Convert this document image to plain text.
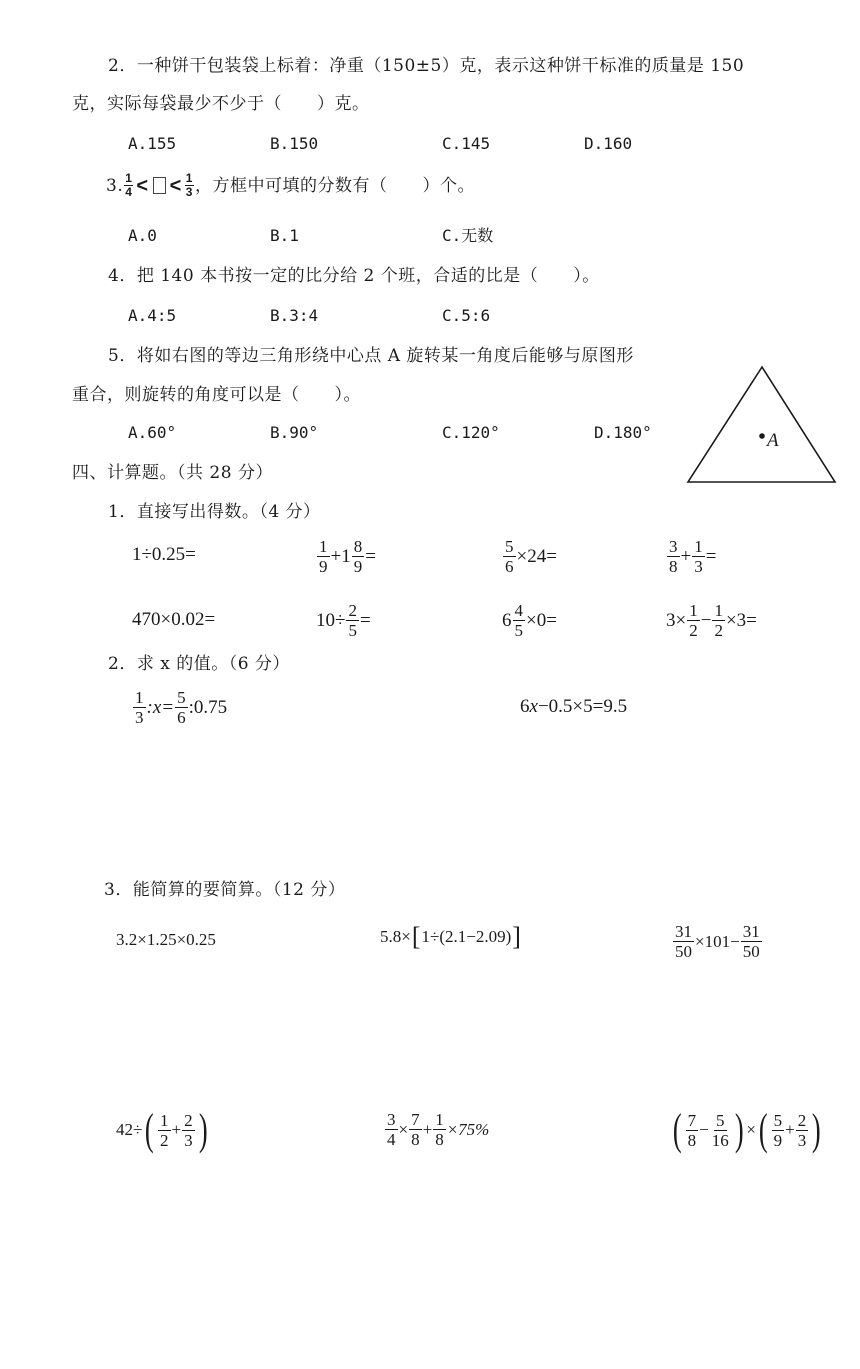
2．一种饼干包装袋上标着：净重（150±5）克，表示这种饼干标准的质量是 150
克，实际每袋最少不少于（　　）克。
A.155	B.150	C.145	D.160
3. 1
4 < < 1
3 ，方框中可填的分数有（　　）个。
A.0	B.1	C.无数
4．把 140 本书按一定的比分给 2 个班，合适的比是（　　）。
A.4:5	B.3:4	C.5:6
5．将如右图的等边三角形绕中心点 A 旋转某一角度后能够与原图形
重合，则旋转的角度可以是（　　）。
A.60°	B.90°	C.120°	D.180°	A
四、计算题。（共 28 分）
1．直接写出得数。（4 分）
1÷0.25=	$\frac{1}{9} +1 \frac{8}{9}$ =	$\frac{5}{6} \times 24=$	$\frac{3}{8} + \frac{1}{3}$ =
470×0.02=	$10\div \frac{2}{5}$ =	$6 \frac{4}{5} \times 0=$	$3\times \frac{1}{2} - \frac{1}{2} \times 3=$
2．求 x 的值。（6 分）
$\frac{1}{3}$ :x= $\frac{5}{6}$ :0.75	6 x −0.5×5=9.5
3．能简算的要简算。（12 分）
3.2×1.25×0.25	5.8× [ 1÷(2.1−2.09) ]	$\frac{31}{50} \times 101- \frac{31}{50}$
42÷ ( $\frac{1}{2} + \frac{2}{3}$ )	$\frac{3}{4} \times \frac{7}{8} + \frac{1}{8} \times 75\%$	( $\frac{7}{8} - \frac{5}{16}$ ) × ( $\frac{5}{9} + \frac{2}{3}$ )
